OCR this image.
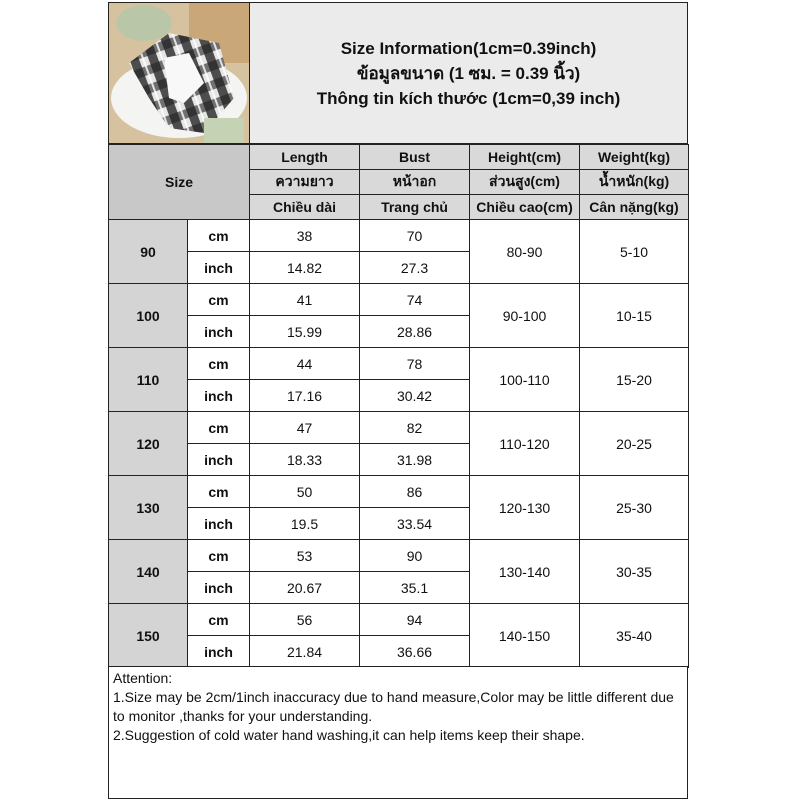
Size Information(1cm=0.39inch)
ข้อมูลขนาด (1 ซม. = 0.39 นิ้ว)
Thông tin kích thước (1cm=0,39 inch)
Size		Length	Bust	Height(cm)	Weight(kg)
		ความยาว	หน้าอก	ส่วนสูง(cm)	น้ำหนัก(kg)
		Chiều dài	Trang chủ	Chiều cao(cm)	Cân nặng(kg)
90	cm	38	70	80-90	5-10
	inch	14.82	27.3		
100	cm	41	74	90-100	10-15
	inch	15.99	28.86		
110	cm	44	78	100-110	15-20
	inch	17.16	30.42		
120	cm	47	82	110-120	20-25
	inch	18.33	31.98		
130	cm	50	86	120-130	25-30
	inch	19.5	33.54		
140	cm	53	90	130-140	30-35
	inch	20.67	35.1		
150	cm	56	94	140-150	35-40
	inch	21.84	36.66		
Attention:
1.Size may be 2cm/1inch inaccuracy due to hand measure,Color may be little different due to monitor ,thanks for your understanding.
2.Suggestion of cold water hand washing,it can help items keep their shape.
